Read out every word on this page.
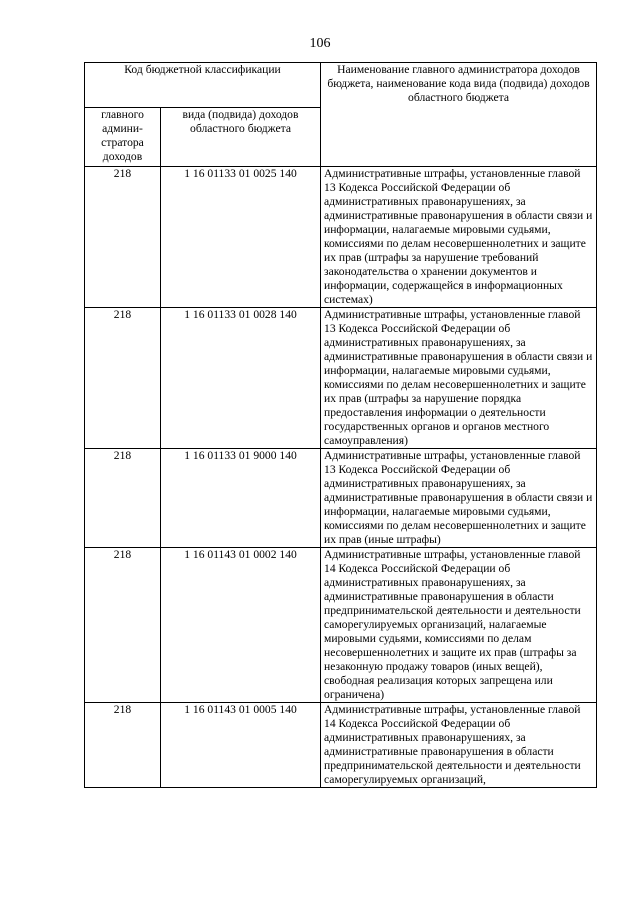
106
Код бюджетной классификации		Наименование главного администратора доходов бюджета, наименование кода вида (подвида) доходов областного бюджета
главного админи-стратора доходов	вида (подвида) доходов областного бюджета	
218	1 16 01133 01 0025 140	Административные штрафы, установленные главой 13 Кодекса Российской Федерации об административных правонарушениях, за административные правонарушения в области связи и информации, налагаемые мировыми судьями, комиссиями по делам несовершеннолетних и защите их прав (штрафы за нарушение требований законодательства о хранении документов и информации, содержащейся в информационных системах)
218	1 16 01133 01 0028 140	Административные штрафы, установленные главой 13 Кодекса Российской Федерации об административных правонарушениях, за административные правонарушения в области связи и информации, налагаемые мировыми судьями, комиссиями по делам несовершеннолетних и защите их прав (штрафы за нарушение порядка предоставления информации о деятельности государственных органов и органов местного самоуправления)
218	1 16 01133 01 9000 140	Административные штрафы, установленные главой 13 Кодекса Российской Федерации об административных правонарушениях, за административные правонарушения в области связи и информации, налагаемые мировыми судьями, комиссиями по делам несовершеннолетних и защите их прав (иные штрафы)
218	1 16 01143 01 0002 140	Административные штрафы, установленные главой 14 Кодекса Российской Федерации об административных правонарушениях, за административные правонарушения в области предпринимательской деятельности и деятельности саморегулируемых организаций, налагаемые мировыми судьями, комиссиями по делам несовершеннолетних и защите их прав (штрафы за незаконную продажу товаров (иных вещей), свободная реализация которых запрещена или ограничена)
218	1 16 01143 01 0005 140	Административные штрафы, установленные главой 14 Кодекса Российской Федерации об административных правонарушениях, за административные правонарушения в области предпринимательской деятельности и деятельности саморегулируемых организаций,
